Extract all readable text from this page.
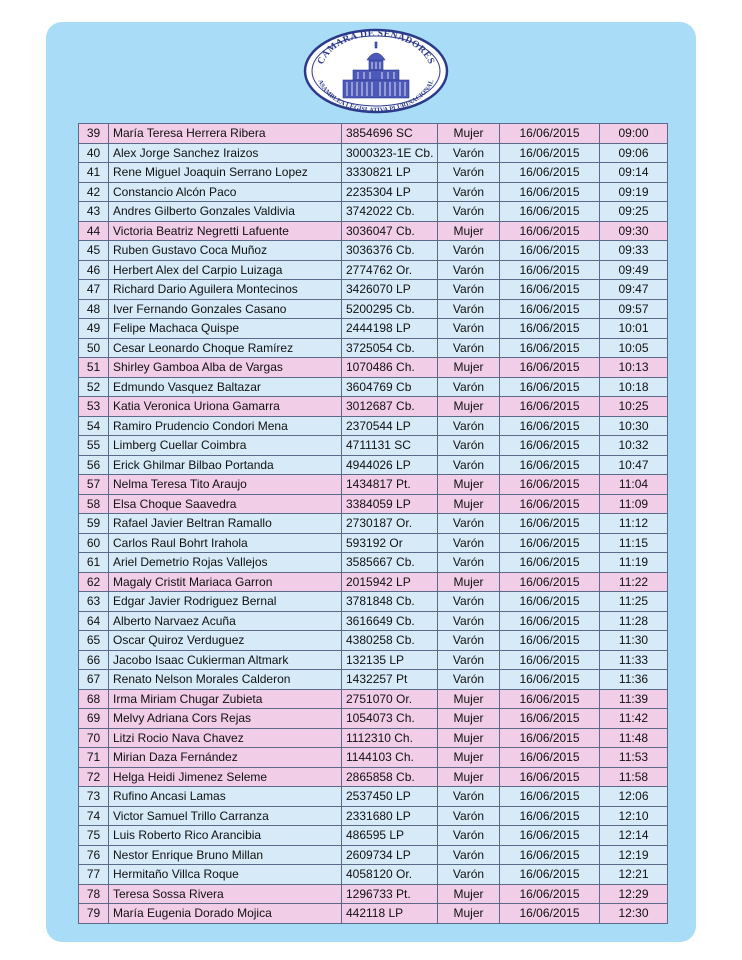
CAMARA DE SENADORES
ASAMBLEA LEGISLATIVA PLURINACIONAL
39	María Teresa Herrera Ribera	3854696 SC	Mujer	16/06/2015	09:00
40	Alex Jorge Sanchez Iraizos	3000323-1E Cb.	Varón	16/06/2015	09:06
41	Rene Miguel Joaquin Serrano Lopez	3330821 LP	Varón	16/06/2015	09:14
42	Constancio Alcón Paco	2235304 LP	Varón	16/06/2015	09:19
43	Andres Gilberto Gonzales Valdivia	3742022 Cb.	Varón	16/06/2015	09:25
44	Victoria Beatriz Negretti Lafuente	3036047 Cb.	Mujer	16/06/2015	09:30
45	Ruben Gustavo Coca Muñoz	3036376 Cb.	Varón	16/06/2015	09:33
46	Herbert Alex del Carpio Luizaga	2774762 Or.	Varón	16/06/2015	09:49
47	Richard Dario Aguilera Montecinos	3426070 LP	Varón	16/06/2015	09:47
48	Iver Fernando Gonzales Casano	5200295 Cb.	Varón	16/06/2015	09:57
49	Felipe Machaca Quispe	2444198 LP	Varón	16/06/2015	10:01
50	Cesar Leonardo Choque Ramírez	3725054 Cb.	Varón	16/06/2015	10:05
51	Shirley Gamboa Alba de Vargas	1070486 Ch.	Mujer	16/06/2015	10:13
52	Edmundo Vasquez Baltazar	3604769 Cb	Varón	16/06/2015	10:18
53	Katia Veronica Uriona Gamarra	3012687 Cb.	Mujer	16/06/2015	10:25
54	Ramiro Prudencio Condori Mena	2370544 LP	Varón	16/06/2015	10:30
55	Limberg Cuellar Coimbra	4711131 SC	Varón	16/06/2015	10:32
56	Erick Ghilmar Bilbao Portanda	4944026 LP	Varón	16/06/2015	10:47
57	Nelma Teresa Tito Araujo	1434817 Pt.	Mujer	16/06/2015	11:04
58	Elsa Choque Saavedra	3384059 LP	Mujer	16/06/2015	11:09
59	Rafael Javier Beltran Ramallo	2730187 Or.	Varón	16/06/2015	11:12
60	Carlos Raul Bohrt Irahola	593192 Or	Varón	16/06/2015	11:15
61	Ariel Demetrio Rojas Vallejos	3585667 Cb.	Varón	16/06/2015	11:19
62	Magaly Cristit Mariaca Garron	2015942 LP	Mujer	16/06/2015	11:22
63	Edgar Javier Rodriguez Bernal	3781848 Cb.	Varón	16/06/2015	11:25
64	Alberto Narvaez Acuña	3616649 Cb.	Varón	16/06/2015	11:28
65	Oscar Quiroz Verduguez	4380258 Cb.	Varón	16/06/2015	11:30
66	Jacobo Isaac Cukierman Altmark	132135 LP	Varón	16/06/2015	11:33
67	Renato Nelson Morales Calderon	1432257 Pt	Varón	16/06/2015	11:36
68	Irma Miriam Chugar Zubieta	2751070 Or.	Mujer	16/06/2015	11:39
69	Melvy Adriana Cors Rejas	1054073 Ch.	Mujer	16/06/2015	11:42
70	Litzi Rocio Nava Chavez	1112310 Ch.	Mujer	16/06/2015	11:48
71	Mirian Daza Fernández	1144103 Ch.	Mujer	16/06/2015	11:53
72	Helga Heidi Jimenez Seleme	2865858 Cb.	Mujer	16/06/2015	11:58
73	Rufino Ancasi Lamas	2537450 LP	Varón	16/06/2015	12:06
74	Victor Samuel Trillo Carranza	2331680 LP	Varón	16/06/2015	12:10
75	Luis Roberto Rico Arancibia	486595 LP	Varón	16/06/2015	12:14
76	Nestor Enrique Bruno Millan	2609734 LP	Varón	16/06/2015	12:19
77	Hermitaño Villca Roque	4058120 Or.	Varón	16/06/2015	12:21
78	Teresa Sossa Rivera	1296733 Pt.	Mujer	16/06/2015	12:29
79	María Eugenia Dorado Mojica	442118 LP	Mujer	16/06/2015	12:30
